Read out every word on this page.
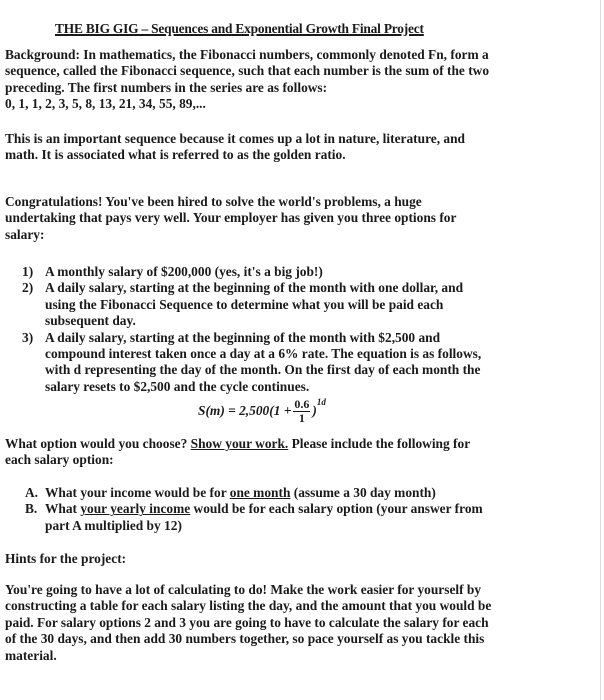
THE BIG GIG – Sequences and Exponential Growth Final Project

Background: In mathematics, the Fibonacci numbers, commonly denoted Fn, form a sequence, called the Fibonacci sequence, such that each number is the sum of the two preceding. The first numbers in the series are as follows:

0, 1, 1, 2, 3, 5, 8, 13, 21, 34, 55, 89,...

This is an important sequence because it comes up a lot in nature, literature, and math. It is associated what is referred to as the golden ratio.

Congratulations! You've been hired to solve the world's problems, a huge undertaking that pays very well. Your employer has given you three options for salary:

1) A monthly salary of $200,000 (yes, it's a big job!)
2) A daily salary, starting at the beginning of the month with one dollar, and using the Fibonacci Sequence to determine what you will be paid each subsequent day.
3) A daily salary, starting at the beginning of the month with $2,500 and compound interest taken once a day at a 6% rate. The equation is as follows, with d representing the day of the month. On the first day of each month the salary resets to $2,500 and the cycle continues.
$S(m) = 2,500(1 + \frac{0.6}{1}$ )
1d

What option would you choose? Show your work. Please include the following for each salary option:

A. What your income would be for one month (assume a 30 day month)
B. What your yearly income would be for each salary option (your answer from part A multiplied by 12)

Hints for the project:

You're going to have a lot of calculating to do! Make the work easier for yourself by constructing a table for each salary listing the day, and the amount that you would be paid. For salary options 2 and 3 you are going to have to calculate the salary for each of the 30 days, and then add 30 numbers together, so pace yourself as you tackle this material.
